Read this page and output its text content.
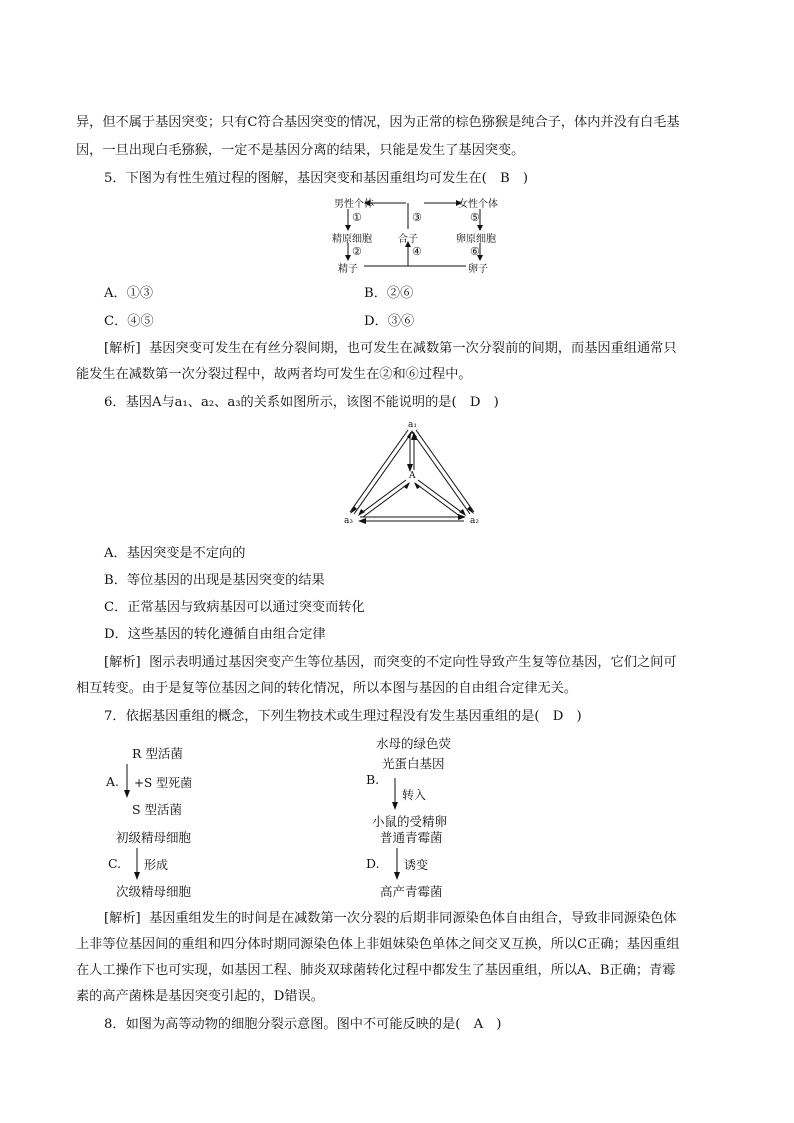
异，但不属于基因突变；只有C符合基因突变的情况，因为正常的棕色猕猴是纯合子，体内并没有白毛基
因，一旦出现白毛猕猴，一定不是基因分离的结果，只能是发生了基因突变。
5．下图为有性生殖过程的图解，基因突变和基因重组均可发生在(　B　)
男性个体	女性个体
①	③	⑤
精原细胞	合子	卵原细胞
②	④	⑥
精子	卵子
A．①③	B．②⑥
C．④⑤	D．③⑥
[解析] 基因突变可发生在有丝分裂间期，也可发生在减数第一次分裂前的间期，而基因重组通常只
能发生在减数第一次分裂过程中，故两者均可发生在②和⑥过程中。
6．基因A与a₁、a₂、a₃的关系如图所示，该图不能说明的是(　D　)
a₁
A
a₃	a₂
A．基因突变是不定向的
B．等位基因的出现是基因突变的结果
C．正常基因与致病基因可以通过突变而转化
D．这些基因的转化遵循自由组合定律
[解析] 图示表明通过基因突变产生等位基因，而突变的不定向性导致产生复等位基因，它们之间可
相互转变。由于是复等位基因之间的转化情况，所以本图与基因的自由组合定律无关。
7．依据基因重组的概念，下列生物技术或生理过程没有发生基因重组的是(　D　)
R 型活菌
A. +S 型死菌
S 型活菌
水母的绿色荧
光蛋白基因
B.
转入
小鼠的受精卵
初级精母细胞
C. 形成
次级精母细胞
普通青霉菌
D. 诱变
高产青霉菌
[解析] 基因重组发生的时间是在减数第一次分裂的后期非同源染色体自由组合，导致非同源染色体
上非等位基因间的重组和四分体时期同源染色体上非姐妹染色单体之间交叉互换，所以C正确；基因重组
在人工操作下也可实现，如基因工程、肺炎双球菌转化过程中都发生了基因重组，所以A、B正确；青霉
素的高产菌株是基因突变引起的，D错误。
8．如图为高等动物的细胞分裂示意图。图中不可能反映的是(　A　)
